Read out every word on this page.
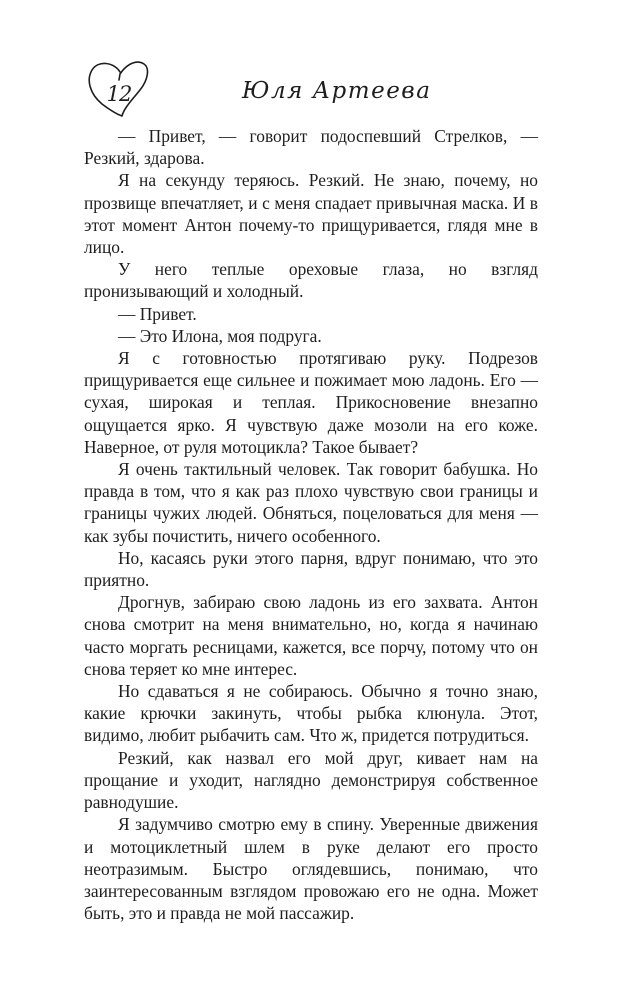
12	Юля Артеева

— Привет, — говорит подоспевший Стрелков, — Резкий, здарова.

Я на секунду теряюсь. Резкий. Не знаю, почему, но прозвище впечатляет, и с меня спадает привычная маска. И в этот момент Антон почему-то прищуривается, глядя мне в лицо.

У него теплые ореховые глаза, но взгляд пронизывающий и холодный.

— Привет.

— Это Илона, моя подруга.

Я с готовностью протягиваю руку. Подрезов прищуривается еще сильнее и пожимает мою ладонь. Его — сухая, широкая и теплая. Прикосновение внезапно ощущается ярко. Я чувствую даже мозоли на его коже. Наверное, от руля мотоцикла? Такое бывает?

Я очень тактильный человек. Так говорит бабушка. Но правда в том, что я как раз плохо чувствую свои границы и границы чужих людей. Обняться, поцеловаться для меня — как зубы почистить, ничего особенного.

Но, касаясь руки этого парня, вдруг понимаю, что это приятно.

Дрогнув, забираю свою ладонь из его захвата. Антон снова смотрит на меня внимательно, но, когда я начинаю часто моргать ресницами, кажется, все порчу, потому что он снова теряет ко мне интерес.

Но сдаваться я не собираюсь. Обычно я точно знаю, какие крючки закинуть, чтобы рыбка клюнула. Этот, видимо, любит рыбачить сам. Что ж, придется потрудиться.

Резкий, как назвал его мой друг, кивает нам на прощание и уходит, наглядно демонстрируя собственное равнодушие.

Я задумчиво смотрю ему в спину. Уверенные движения и мотоциклетный шлем в руке делают его просто неотразимым. Быстро оглядевшись, понимаю, что заинтересованным взглядом провожаю его не одна. Может быть, это и правда не мой пассажир.
